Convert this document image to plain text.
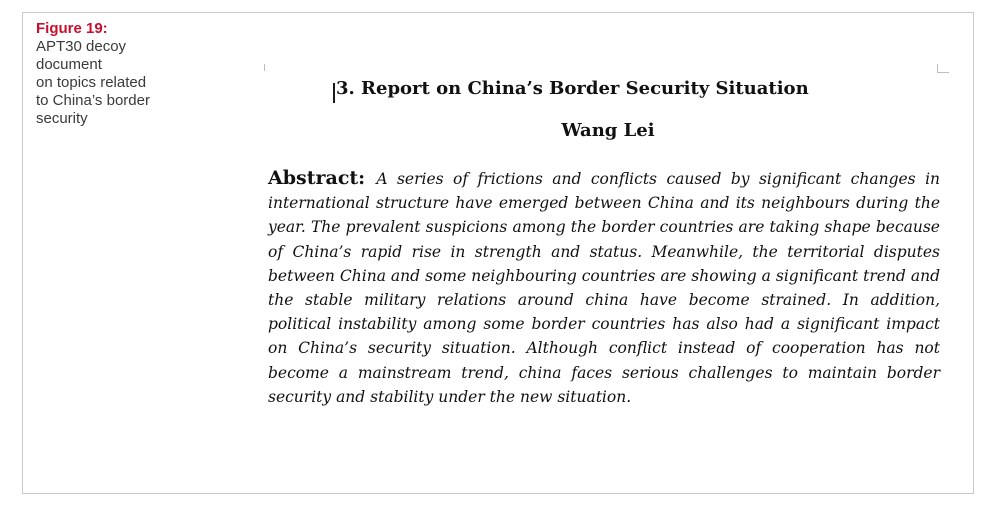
Figure 19:
APT30 decoy
document
on topics related
to China’s border
security
3. Report on China’s Border Security Situation
Wang Lei
Abstract: A series of frictions and conflicts caused by significant changes in international structure have emerged between China and its neighbours during the year. The prevalent suspicions among the border countries are taking shape because of China’s rapid rise in strength and status. Meanwhile, the territorial disputes between China and some neighbouring countries are showing a significant trend and the stable military relations around china have become strained. In addition, political instability among some border countries has also had a significant impact on China’s security situation. Although conflict instead of cooperation has not become a mainstream trend, china faces serious challenges to maintain border security and stability under the new situation.
